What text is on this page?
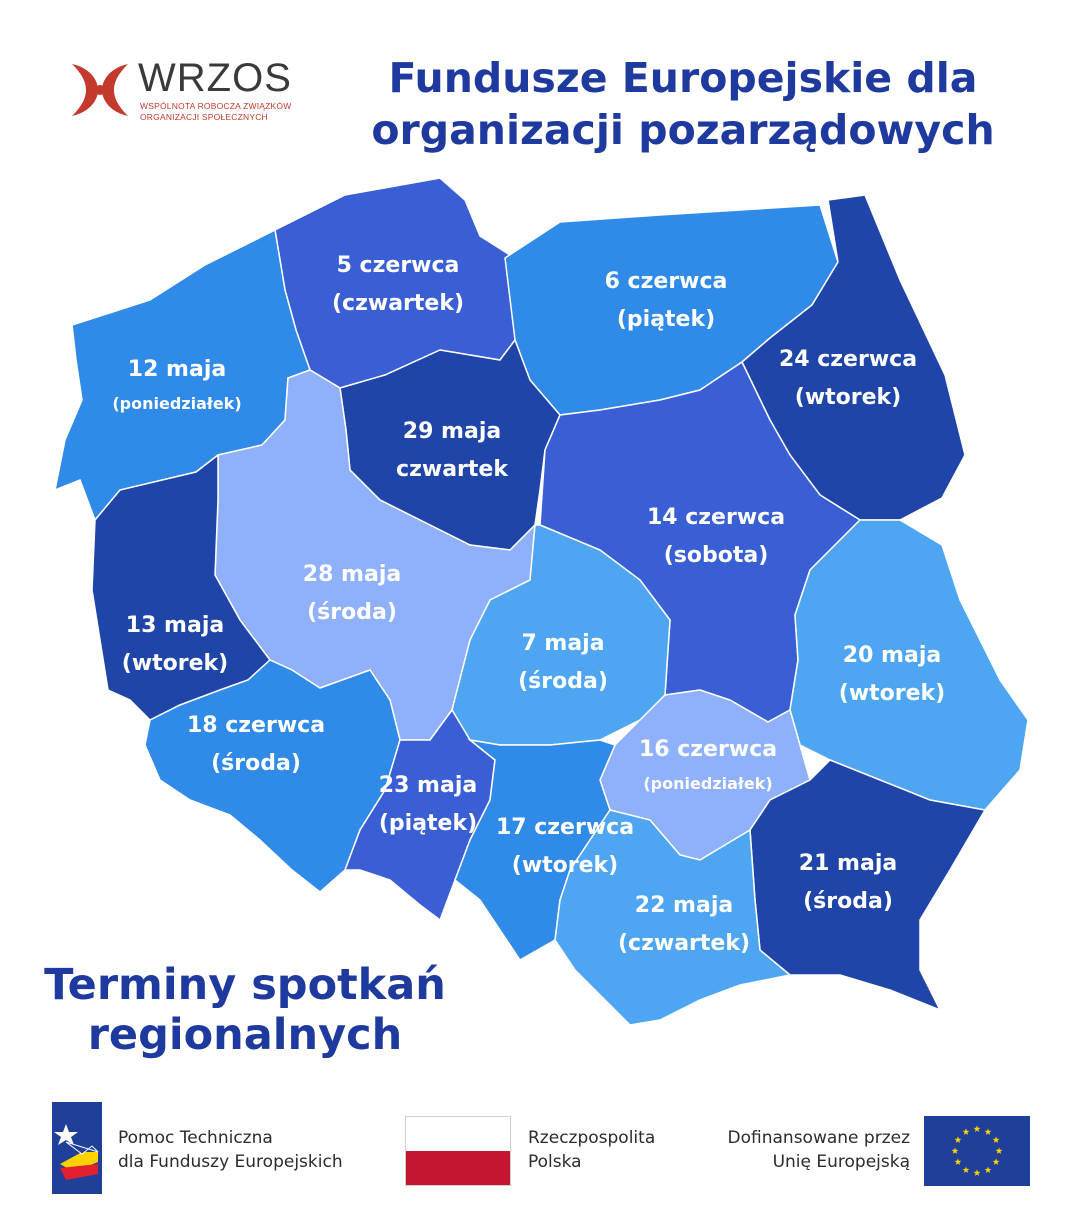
WRZOS
WSPÓLNOTA ROBOCZA ZWIĄZKÓW
ORGANIZACJI SPOŁECZNYCH
Fundusze Europejskie dla
organizacji pozarządowych
5 czerwca
(czwartek)
6 czerwca
(piątek)
24 czerwca
(wtorek)
12 maja
(poniedziałek)
29 maja
czwartek
14 czerwca
(sobota)
28 maja
(środa)
13 maja
(wtorek)
7 maja
(środa)
20 maja
(wtorek)
18 czerwca
(środa)
16 czerwca
(poniedziałek)
23 maja
(piątek) 17 czerwca
(wtorek)	21 maja
(środa)
22 maja
(czwartek)
Terminy spotkań
regionalnych
Pomoc Techniczna
dla Funduszy Europejskich
Rzeczpospolita
Polska
Dofinansowane przez
Unię Europejską
